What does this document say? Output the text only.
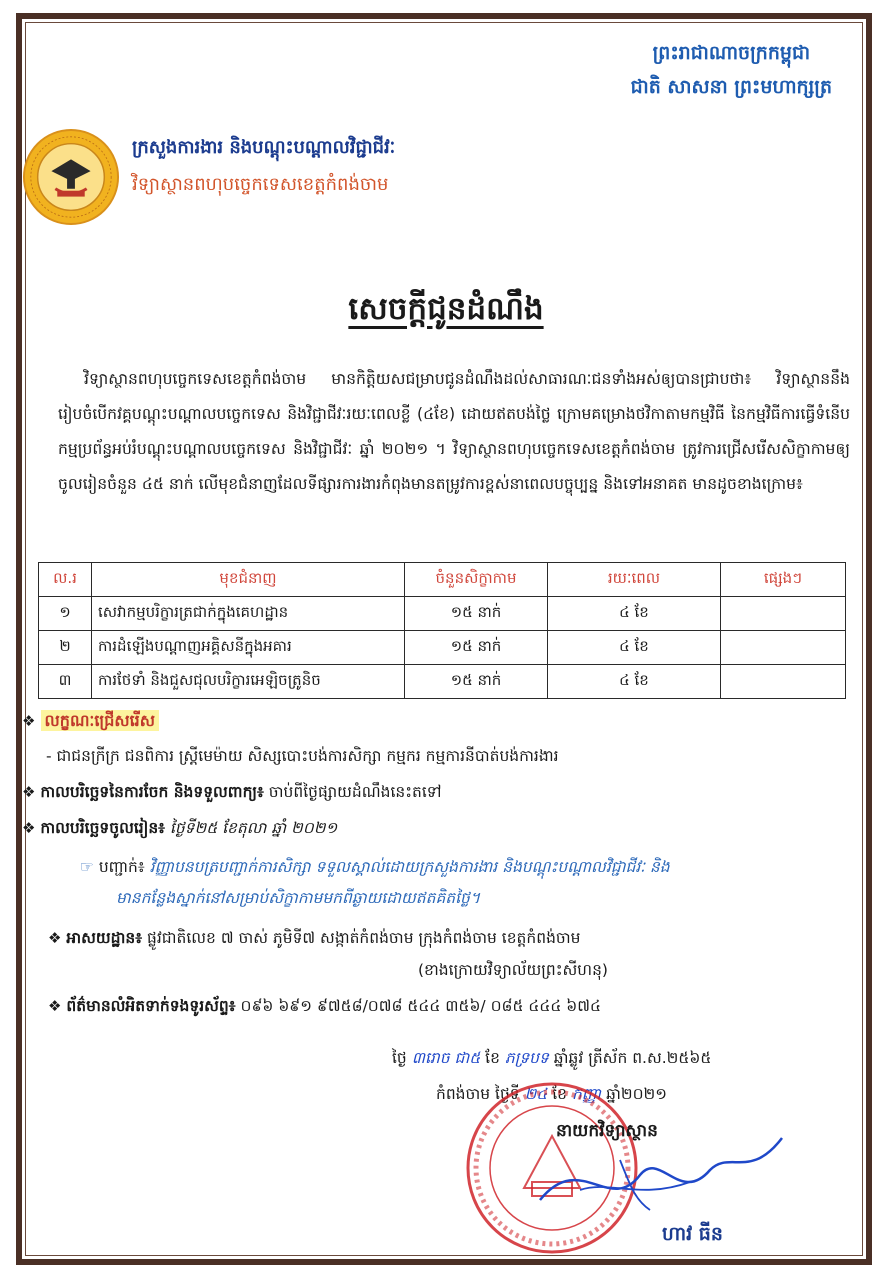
ព្រះរាជាណាចក្រកម្ពុជា
ជាតិ សាសនា ព្រះមហាក្សត្រ
ក្រសួងការងារ និងបណ្តុះបណ្តាលវិជ្ជាជីវៈ
វិទ្យាស្ថានពហុបច្ចេកទេសខេត្តកំពង់ចាម
សេចក្តីជូនដំណឹង
វិទ្យាស្ថានពហុបច្ចេកទេសខេត្តកំពង់ចាម មានកិត្តិយសជម្រាបជូនដំណឹងដល់សាធារណៈជនទាំងអស់ឲ្យបានជ្រាបថា៖ វិទ្យាស្ថាននឹងរៀបចំបើកវគ្គបណ្តុះបណ្តាលបច្ចេកទេស និងវិជ្ជាជីវៈរយៈពេលខ្លី (៤ខែ) ដោយឥតបង់ថ្លៃ ក្រោមគម្រោងថវិកាតាមកម្មវិធី នៃកម្មវិធីការធ្វើទំនើបកម្មប្រព័ន្ធអប់រំបណ្តុះបណ្តាលបច្ចេកទេស និងវិជ្ជាជីវៈ ឆ្នាំ ២០២១ ។ វិទ្យាស្ថានពហុបច្ចេកទេសខេត្តកំពង់ចាម ត្រូវការជ្រើសរើសសិក្ខាកាមឲ្យចូលរៀនចំនួន ៤៥ នាក់ លើមុខជំនាញដែលទីផ្សារការងារកំពុងមានតម្រូវការខ្ពស់នាពេលបច្ចុប្បន្ន និងទៅអនាគត មានដូចខាងក្រោម៖
ល.រ	មុខជំនាញ	ចំនួនសិក្ខាកាម	រយៈពេល	ផ្សេងៗ
១	សេវាកម្មបរិក្ខារត្រជាក់ក្នុងគេហដ្ឋាន	១៥ នាក់	៤ ខែ	
២	ការដំឡើងបណ្តាញអគ្គិសនីក្នុងអគារ	១៥ នាក់	៤ ខែ	
៣	ការថែទាំ និងជួសជុលបរិក្ខារអេឡិចត្រូនិច	១៥ នាក់	៤ ខែ	
❖ លក្ខណៈជ្រើសរើស
- ជាជនក្រីក្រ ជនពិការ ស្ត្រីមេម៉ាយ សិស្សបោះបង់ការសិក្សា កម្មករ កម្មការនីបាត់បង់ការងារ
❖ កាលបរិច្ឆេទនៃការចែក និងទទួលពាក្យ៖ ចាប់ពីថ្ងៃផ្សាយដំណឹងនេះតទៅ
❖ កាលបរិច្ឆេទចូលរៀន៖ ថ្ងៃទី២៥ ខែតុលា ឆ្នាំ ២០២១
☞ បញ្ជាក់៖ វិញ្ញាបនបត្របញ្ជាក់ការសិក្សា ទទួលស្គាល់ដោយក្រសួងការងារ និងបណ្តុះបណ្តាលវិជ្ជាជីវៈ និង
មានកន្លែងស្នាក់នៅសម្រាប់សិក្ខាកាមមកពីឆ្ងាយដោយឥតគិតថ្លៃ។
❖ អាសយដ្ឋាន៖ ផ្លូវជាតិលេខ ៧ ចាស់ ភូមិទី៧ សង្កាត់កំពង់ចាម ក្រុងកំពង់ចាម ខេត្តកំពង់ចាម
(ខាងក្រោយវិទ្យាល័យព្រះសីហនុ)
❖ ព័ត៌មានលំអិតទាក់ទងទូរស័ព្ទ៖ ០៩៦ ៦៩១ ៩៧៥៨/០៧៨ ៥៤៤ ៣៥៦/ ០៨៥ ៤៤៤ ៦៧៤
ថ្ងៃ ៣រោច ជា៥ ខែ ភទ្របទ ឆ្នាំឆ្លូវ ត្រីស័ក ព.ស.២៥៦៥
កំពង់ចាម ថ្ងៃទី ២៤ ខែ កញ្ញា ឆ្នាំ២០២១
នាយកវិទ្យាស្ថាន
ហាវ ធីន
